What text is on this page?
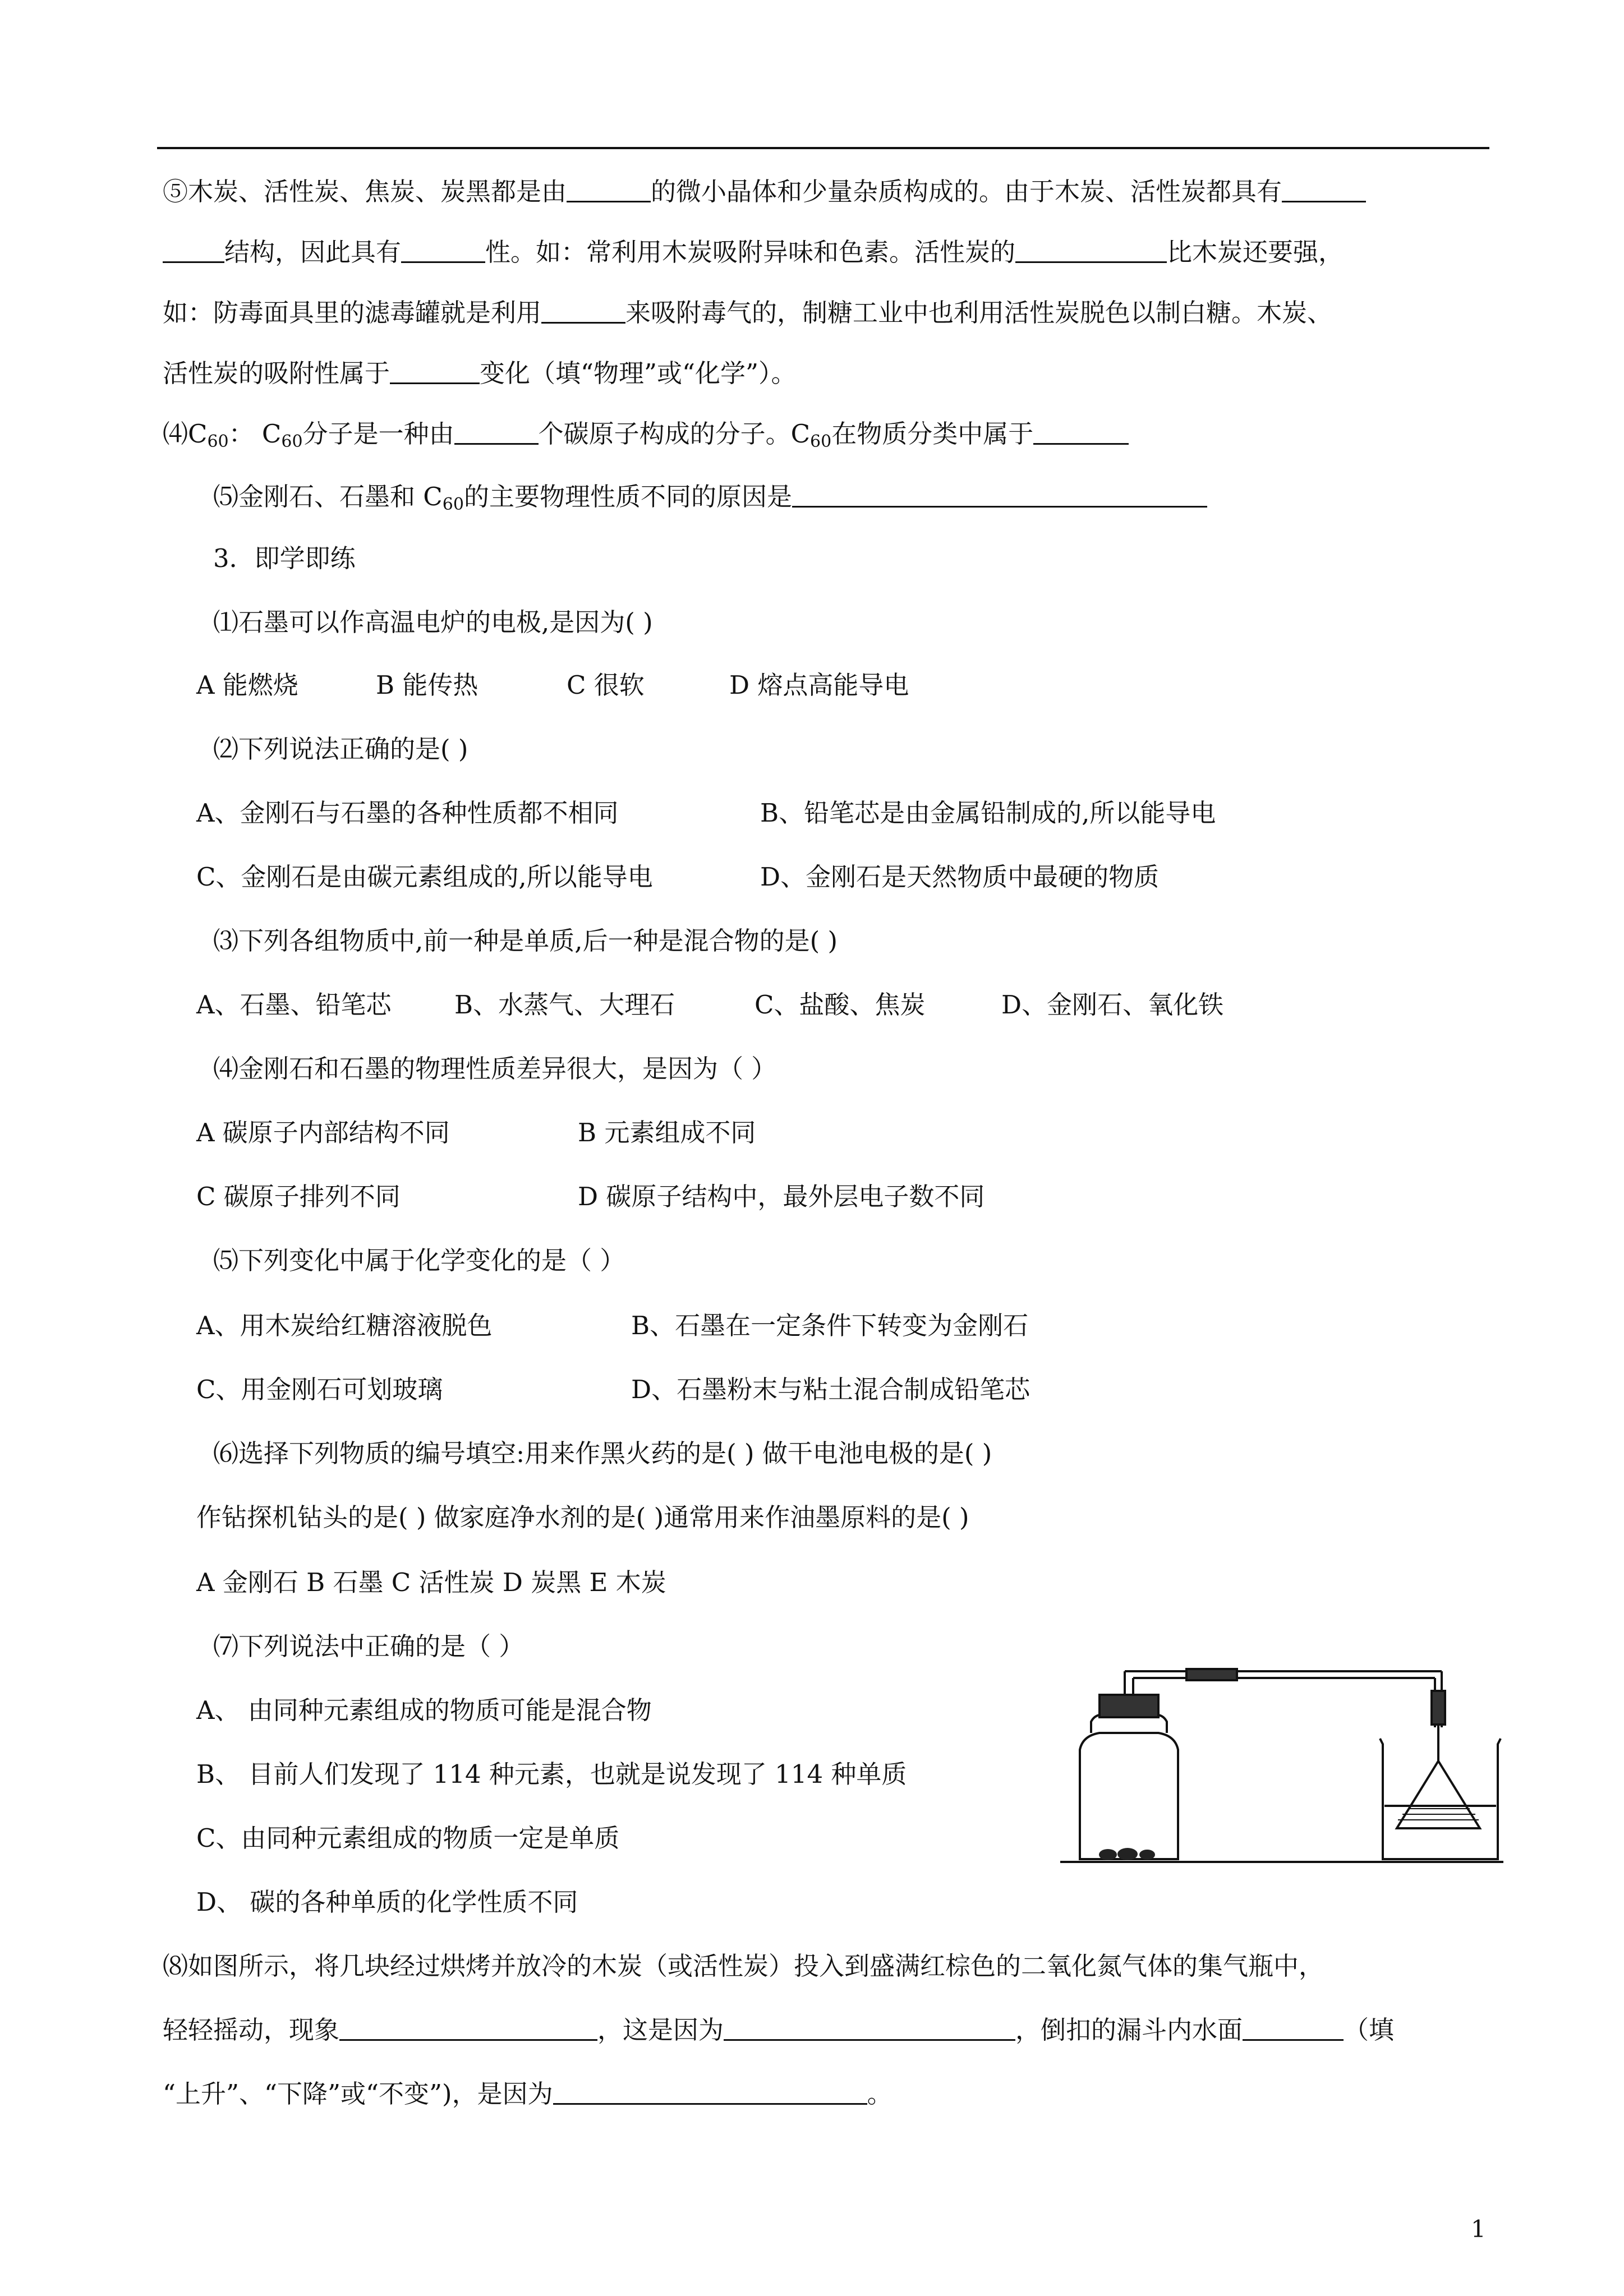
⑤木炭、活性炭、焦炭、炭黑都是由	的微小晶体和少量杂质构成的。由于木炭、活性炭都具有
结构，因此具有	性。如：常利用木炭吸附异味和色素。活性炭的	比木炭还要强，
如：防毒面具里的滤毒罐就是利用	来吸附毒气的，制糖工业中也利用活性炭脱色以制白糖。木炭、
活性炭的吸附性属于	变化（填“物理”或“化学”）。
$⑷C_{60}$： $C_{60}$分子是一种由	个碳原子构成的分子。$C_{60}$在物质分类中属于
⑸金刚石、石墨和 $C_{60}$的主要物理性质不同的原因是
3．即学即练
⑴石墨可以作高温电炉的电极,是因为( )
A 能燃烧	B 能传热	C 很软	D 熔点高能导电
⑵下列说法正确的是( )
A、金刚石与石墨的各种性质都不相同	B、铅笔芯是由金属铅制成的,所以能导电
C、金刚石是由碳元素组成的,所以能导电	D、金刚石是天然物质中最硬的物质
⑶下列各组物质中,前一种是单质,后一种是混合物的是( )
A、石墨、铅笔芯	B、水蒸气、大理石	C、盐酸、焦炭	D、金刚石、氧化铁
⑷金刚石和石墨的物理性质差异很大，是因为（ ）
A 碳原子内部结构不同	B 元素组成不同
C 碳原子排列不同	D 碳原子结构中，最外层电子数不同
⑸下列变化中属于化学变化的是（ ）
A、用木炭给红糖溶液脱色	B、石墨在一定条件下转变为金刚石
C、用金刚石可划玻璃	D、石墨粉末与粘土混合制成铅笔芯
⑹选择下列物质的编号填空:用来作黑火药的是( ) 做干电池电极的是( )
作钻探机钻头的是( ) 做家庭净水剂的是( )通常用来作油墨原料的是( )
A 金刚石 B 石墨 C 活性炭 D 炭黑 E 木炭
⑺下列说法中正确的是（ ）
A、 由同种元素组成的物质可能是混合物
B、 目前人们发现了 114 种元素，也就是说发现了 114 种单质
C、由同种元素组成的物质一定是单质
D、 碳的各种单质的化学性质不同
⑻如图所示，将几块经过烘烤并放冷的木炭（或活性炭）投入到盛满红棕色的二氧化氮气体的集气瓶中，
轻轻摇动，现象	，这是因为	，倒扣的漏斗内水面	（填
“上升”、“下降”或“不变”)，是因为	。
1
